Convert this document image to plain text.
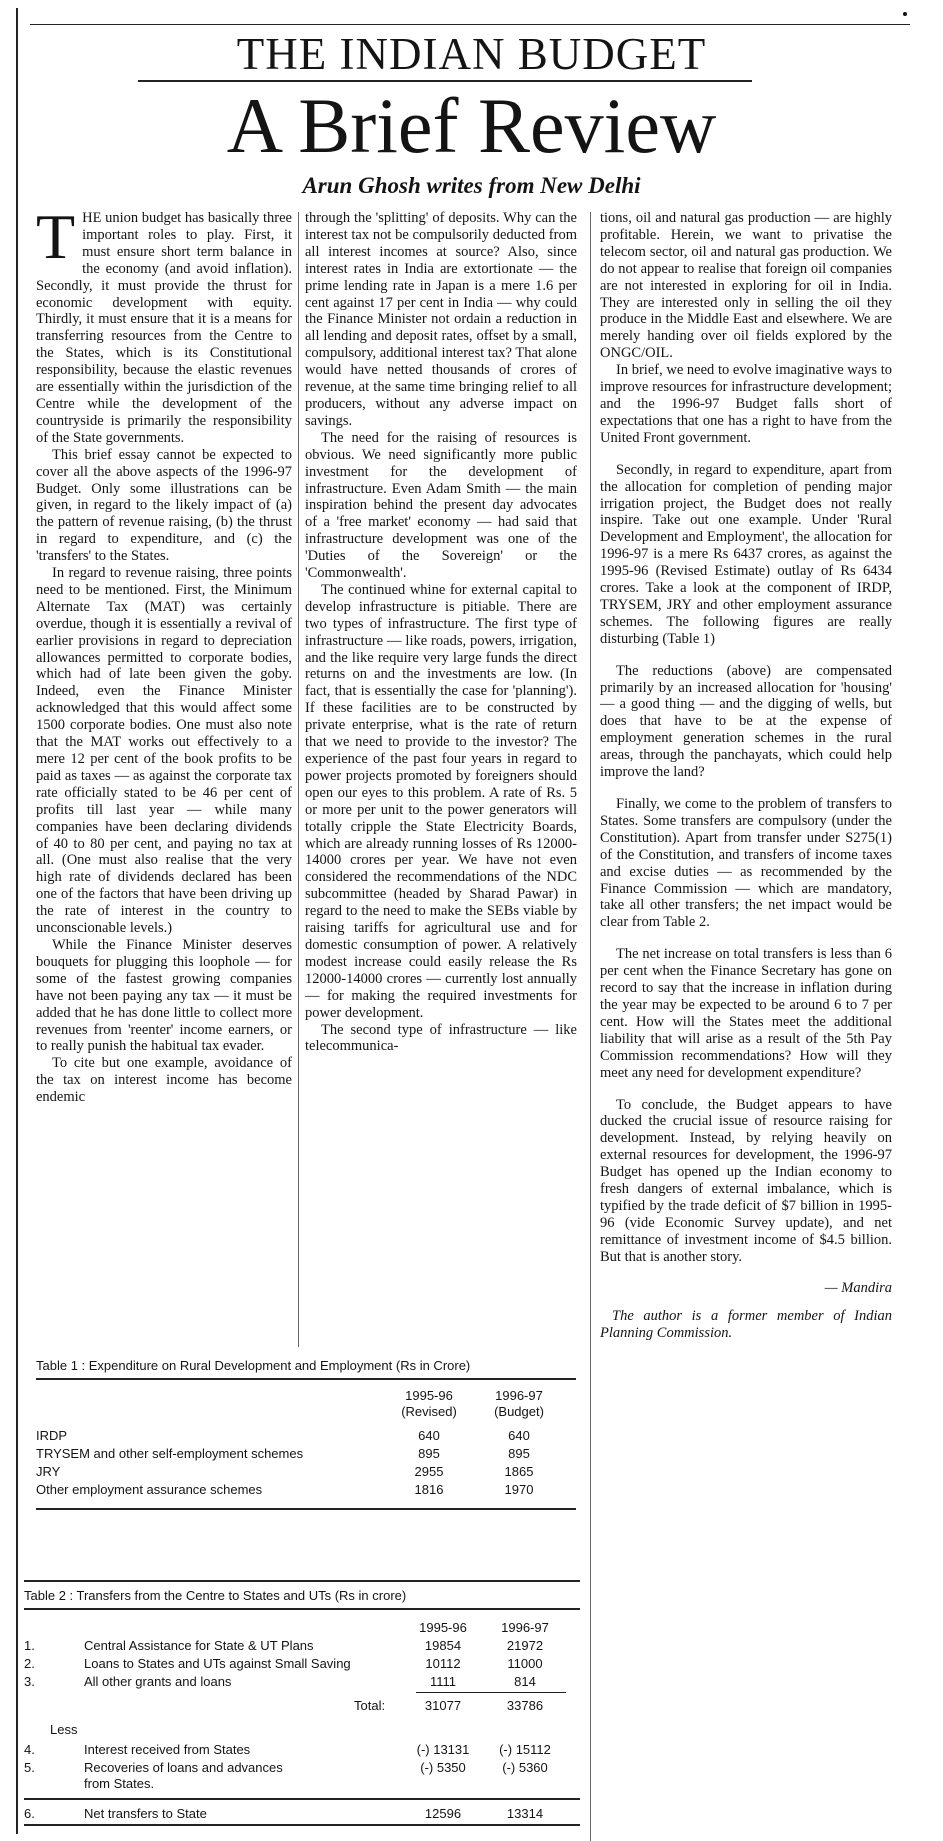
THE INDIAN BUDGET
A Brief Review
Arun Ghosh writes from New Delhi

THE union budget has basically three important roles to play. First, it must ensure short term balance in the economy (and avoid inflation). Secondly, it must provide the thrust for economic development with equity. Thirdly, it must ensure that it is a means for transferring resources from the Centre to the States, which is its Constitutional responsibility, because the elastic revenues are essentially within the jurisdiction of the Centre while the development of the countryside is primarily the responsibility of the State governments.

This brief essay cannot be expected to cover all the above aspects of the 1996-97 Budget. Only some illustrations can be given, in regard to the likely impact of (a) the pattern of revenue raising, (b) the thrust in regard to expenditure, and (c) the 'transfers' to the States.

In regard to revenue raising, three points need to be mentioned. First, the Minimum Alternate Tax (MAT) was certainly overdue, though it is essentially a revival of earlier provisions in regard to depreciation allowances permitted to corporate bodies, which had of late been given the goby. Indeed, even the Finance Minister acknowledged that this would affect some 1500 corporate bodies. One must also note that the MAT works out effectively to a mere 12 per cent of the book profits to be paid as taxes — as against the corporate tax rate officially stated to be 46 per cent of profits till last year — while many companies have been declaring dividends of 40 to 80 per cent, and paying no tax at all. (One must also realise that the very high rate of dividends declared has been one of the factors that have been driving up the rate of interest in the country to unconscionable levels.)

While the Finance Minister deserves bouquets for plugging this loophole — for some of the fastest growing companies have not been paying any tax — it must be added that he has done little to collect more revenues from 'reenter' income earners, or to really punish the habitual tax evader.

To cite but one example, avoidance of the tax on interest income has become endemic

through the 'splitting' of deposits. Why can the interest tax not be compulsorily deducted from all interest incomes at source? Also, since interest rates in India are extortionate — the prime lending rate in Japan is a mere 1.6 per cent against 17 per cent in India — why could the Finance Minister not ordain a reduction in all lending and deposit rates, offset by a small, compulsory, additional interest tax? That alone would have netted thousands of crores of revenue, at the same time bringing relief to all producers, without any adverse impact on savings.

The need for the raising of resources is obvious. We need significantly more public investment for the development of infrastructure. Even Adam Smith — the main inspiration behind the present day advocates of a 'free market' economy — had said that infrastructure development was one of the 'Duties of the Sovereign' or the 'Commonwealth'.

The continued whine for external capital to develop infrastructure is pitiable. There are two types of infrastructure. The first type of infrastructure — like roads, powers, irrigation, and the like require very large funds the direct returns on and the investments are low. (In fact, that is essentially the case for 'planning'). If these facilities are to be constructed by private enterprise, what is the rate of return that we need to provide to the investor? The experience of the past four years in regard to power projects promoted by foreigners should open our eyes to this problem. A rate of Rs. 5 or more per unit to the power generators will totally cripple the State Electricity Boards, which are already running losses of Rs 12000-14000 crores per year. We have not even considered the recommendations of the NDC subcommittee (headed by Sharad Pawar) in regard to the need to make the SEBs viable by raising tariffs for agricultural use and for domestic consumption of power. A relatively modest increase could easily release the Rs 12000-14000 crores — currently lost annually — for making the required investments for power development.

The second type of infrastructure — like telecommunica-

tions, oil and natural gas production — are highly profitable. Herein, we want to privatise the telecom sector, oil and natural gas production. We do not appear to realise that foreign oil companies are not interested in exploring for oil in India. They are interested only in selling the oil they produce in the Middle East and elsewhere. We are merely handing over oil fields explored by the ONGC/OIL.

In brief, we need to evolve imaginative ways to improve resources for infrastructure development; and the 1996-97 Budget falls short of expectations that one has a right to have from the United Front government.

Secondly, in regard to expenditure, apart from the allocation for completion of pending major irrigation project, the Budget does not really inspire. Take out one example. Under 'Rural Development and Employment', the allocation for 1996-97 is a mere Rs 6437 crores, as against the 1995-96 (Revised Estimate) outlay of Rs 6434 crores. Take a look at the component of IRDP, TRYSEM, JRY and other employment assurance schemes. The following figures are really disturbing (Table 1)

The reductions (above) are compensated primarily by an increased allocation for 'housing' — a good thing — and the digging of wells, but does that have to be at the expense of employment generation schemes in the rural areas, through the panchayats, which could help improve the land?

Finally, we come to the problem of transfers to States. Some transfers are compulsory (under the Constitution). Apart from transfer under S275(1) of the Constitution, and transfers of income taxes and excise duties — as recommended by the Finance Commission — which are mandatory, take all other transfers; the net impact would be clear from Table 2.

The net increase on total transfers is less than 6 per cent when the Finance Secretary has gone on record to say that the increase in inflation during the year may be expected to be around 6 to 7 per cent. How will the States meet the additional liability that will arise as a result of the 5th Pay Commission recommendations? How will they meet any need for development expenditure?

To conclude, the Budget appears to have ducked the crucial issue of resource raising for development. Instead, by relying heavily on external resources for development, the 1996-97 Budget has opened up the Indian economy to fresh dangers of external imbalance, which is typified by the trade deficit of $7 billion in 1995-96 (vide Economic Survey update), and net remittance of investment income of $4.5 billion. But that is another story.

— Mandira

The author is a former member of Indian Planning Commission.

Table 1 : Expenditure on Rural Development and Employment (Rs in Crore)
1995-96	1996-97
(Revised)	(Budget)
IRDP	640	640
TRYSEM and other self-employment schemes	895	895
JRY	2955	1865
Other employment assurance schemes	1816	1970
Table 2 : Transfers from the Centre to States and UTs (Rs in crore)
1995-96	1996-97
1.	Central Assistance for State & UT Plans	19854	21972
2.	Loans to States and UTs against Small Saving	10112	11000
3.	All other grants and loans	1111	814
Total:	31077	33786
Less
4.	Interest received from States	(-) 13131	(-) 15112
5.	Recoveries of loans and advances	(-) 5350	(-) 5360
from States.
6.	Net transfers to State	12596	13314
